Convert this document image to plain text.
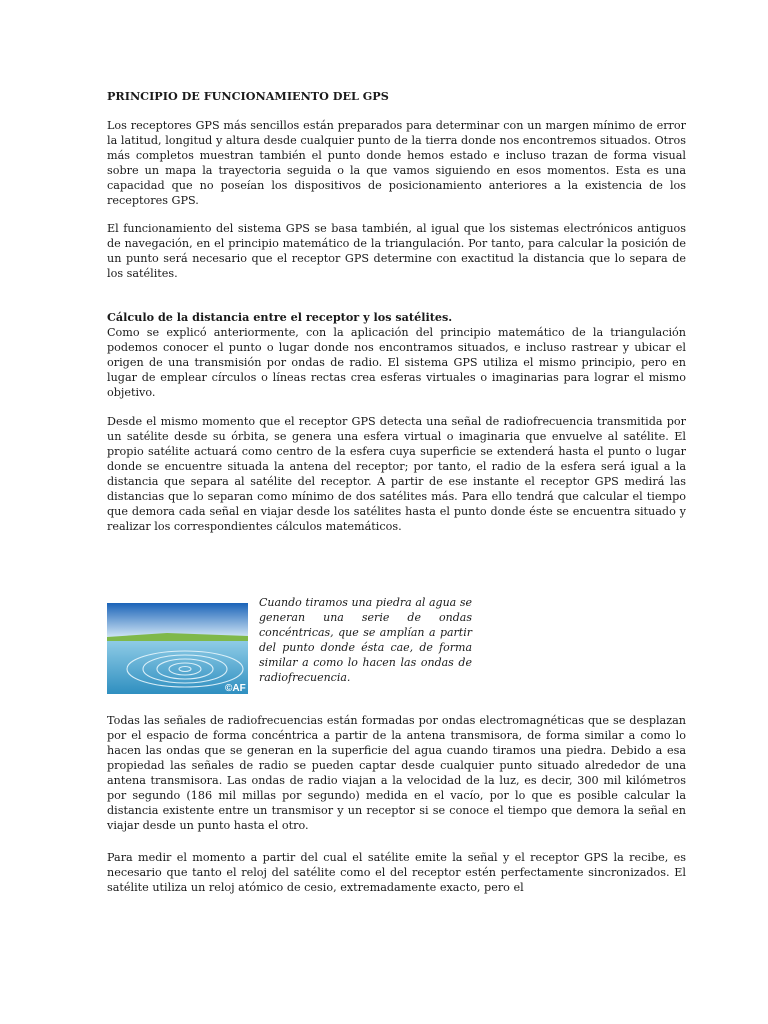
PRINCIPIO DE FUNCIONAMIENTO DEL GPS

Los receptores GPS más sencillos están preparados para determinar con un margen mínimo de error la latitud, longitud y altura desde cualquier punto de la tierra donde nos encontremos situados. Otros más completos muestran también el punto donde hemos estado e incluso trazan de forma visual sobre un mapa la trayectoria seguida o la que vamos siguiendo en esos momentos. Esta es una capacidad que no poseían los dispositivos de posicionamiento anteriores a la existencia de los receptores GPS.

El funcionamiento del sistema GPS se basa también, al igual que los sistemas electrónicos antiguos de navegación, en el principio matemático de la triangulación. Por tanto, para calcular la posición de un punto será necesario que el receptor GPS determine con exactitud la distancia que lo separa de los satélites.

Cálculo de la distancia entre el receptor y los satélites.

Como se explicó anteriormente, con la aplicación del principio matemático de la triangulación podemos conocer el punto o lugar donde nos encontramos situados, e incluso rastrear y ubicar el origen de una transmisión por ondas de radio. El sistema GPS utiliza el mismo principio, pero en lugar de emplear círculos o líneas rectas crea esferas virtuales o imaginarias para lograr el mismo objetivo.

Desde el mismo momento que el receptor GPS detecta una señal de radiofrecuencia transmitida por un satélite desde su órbita, se genera una esfera virtual o imaginaria que envuelve al satélite. El propio satélite actuará como centro de la esfera cuya superficie se extenderá hasta el punto o lugar donde se encuentre situada la antena del receptor; por tanto, el radio de la esfera será igual a la distancia que separa al satélite del receptor. A partir de ese instante el receptor GPS medirá las distancias que lo separan como mínimo de dos satélites más. Para ello tendrá que calcular el tiempo que demora cada señal en viajar desde los satélites hasta el punto donde éste se encuentra situado y realizar los correspondientes cálculos matemáticos.

©AF

Cuando tiramos una piedra al agua se generan una serie de ondas concéntricas, que se amplían a partir del punto donde ésta cae, de forma similar a como lo hacen las ondas de radiofrecuencia.

Todas las señales de radiofrecuencias están formadas por ondas electromagnéticas que se desplazan por el espacio de forma concéntrica a partir de la antena transmisora, de forma similar a como lo hacen las ondas que se generan en la superficie del agua cuando tiramos una piedra. Debido a esa propiedad las señales de radio se pueden captar desde cualquier punto situado alrededor de una antena transmisora. Las ondas de radio viajan a la velocidad de la luz, es decir, 300 mil kilómetros por segundo (186 mil millas por segundo) medida en el vacío, por lo que es posible calcular la distancia existente entre un transmisor y un receptor si se conoce el tiempo que demora la señal en viajar desde un punto hasta el otro.

Para medir el momento a partir del cual el satélite emite la señal y el receptor GPS la recibe, es necesario que tanto el reloj del satélite como el del receptor estén perfectamente sincronizados. El satélite utiliza un reloj atómico de cesio, extremadamente exacto, pero el
